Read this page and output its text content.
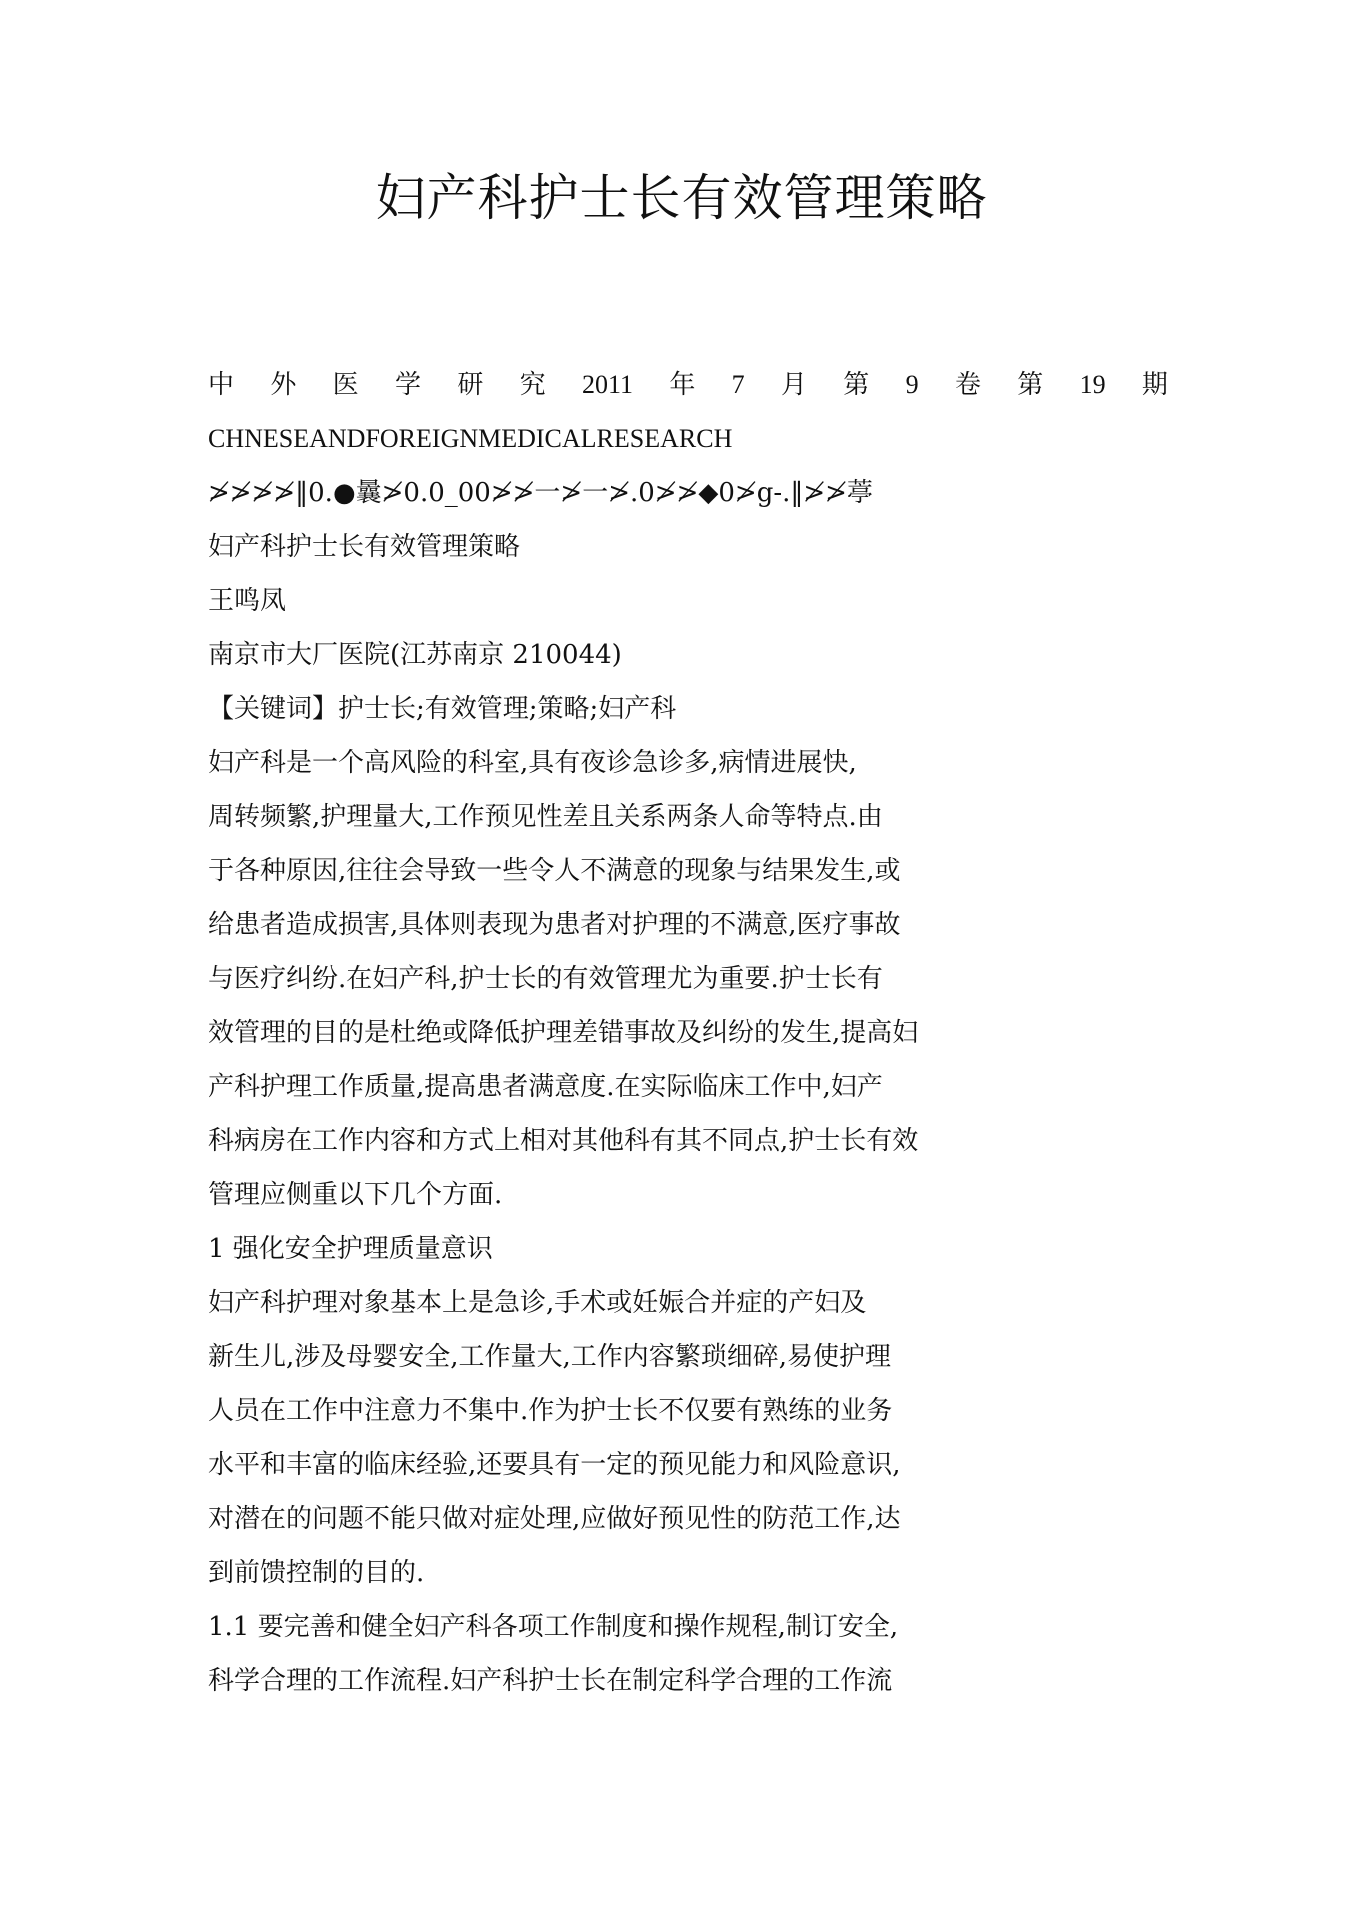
妇产科护士长有效管理策略
中 外 医 学 研 究 2011 年 7 月 第 9 卷 第 19 期

CHNESEANDFOREIGNMEDICALRESEARCH

≯≯≯≯‖0.●曩≯0.0_00≯≯一≯一≯.0≯≯◆0≯g-.‖≯≯葶

妇产科护士长有效管理策略

王鸣凤

南京市大厂医院(江苏南京 210044)

【关键词】护士长;有效管理;策略;妇产科

妇产科是一个高风险的科室,具有夜诊急诊多,病情进展快,

周转频繁,护理量大,工作预见性差且关系两条人命等特点.由

于各种原因,往往会导致一些令人不满意的现象与结果发生,或

给患者造成损害,具体则表现为患者对护理的不满意,医疗事故

与医疗纠纷.在妇产科,护士长的有效管理尤为重要.护士长有

效管理的目的是杜绝或降低护理差错事故及纠纷的发生,提高妇

产科护理工作质量,提高患者满意度.在实际临床工作中,妇产

科病房在工作内容和方式上相对其他科有其不同点,护士长有效

管理应侧重以下几个方面.

1 强化安全护理质量意识

妇产科护理对象基本上是急诊,手术或妊娠合并症的产妇及

新生儿,涉及母婴安全,工作量大,工作内容繁琐细碎,易使护理

人员在工作中注意力不集中.作为护士长不仅要有熟练的业务

水平和丰富的临床经验,还要具有一定的预见能力和风险意识,

对潜在的问题不能只做对症处理,应做好预见性的防范工作,达

到前馈控制的目的.

1.1 要完善和健全妇产科各项工作制度和操作规程,制订安全,

科学合理的工作流程.妇产科护士长在制定科学合理的工作流
